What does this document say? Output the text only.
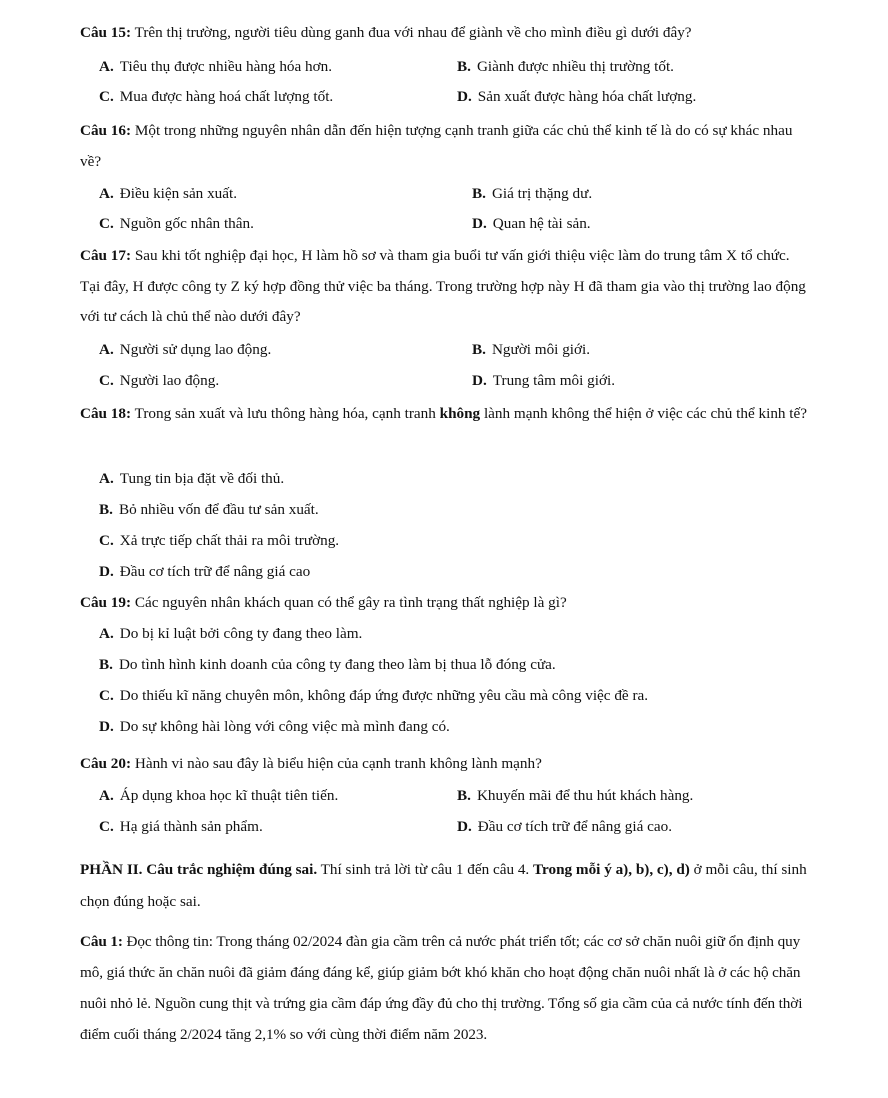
Câu 15: Trên thị trường, người tiêu dùng ganh đua với nhau để giành về cho mình điều gì dưới đây?
A. Tiêu thụ được nhiều hàng hóa hơn.	B. Giành được nhiều thị trường tốt.
C. Mua được hàng hoá chất lượng tốt.	D. Sản xuất được hàng hóa chất lượng.
Câu 16: Một trong những nguyên nhân dẫn đến hiện tượng cạnh tranh giữa các chủ thể kinh tế là do có sự khác nhau về?
A. Điều kiện sản xuất.	B. Giá trị thặng dư.
C. Nguồn gốc nhân thân.	D. Quan hệ tài sản.
Câu 17: Sau khi tốt nghiệp đại học, H làm hồ sơ và tham gia buổi tư vấn giới thiệu việc làm do trung tâm X tổ chức. Tại đây, H được công ty Z ký hợp đồng thử việc ba tháng. Trong trường hợp này H đã tham gia vào thị trường lao động với tư cách là chủ thể nào dưới đây?
A. Người sử dụng lao động.	B. Người môi giới.
C. Người lao động.	D. Trung tâm môi giới.
Câu 18: Trong sản xuất và lưu thông hàng hóa, cạnh tranh không lành mạnh không thể hiện ở việc các chủ thể kinh tế?
A. Tung tin bịa đặt về đối thủ.
B. Bỏ nhiều vốn để đầu tư sản xuất.
C. Xả trực tiếp chất thải ra môi trường.
D. Đầu cơ tích trữ để nâng giá cao
Câu 19: Các nguyên nhân khách quan có thể gây ra tình trạng thất nghiệp là gì?
A. Do bị kỉ luật bởi công ty đang theo làm.
B. Do tình hình kinh doanh của công ty đang theo làm bị thua lỗ đóng cửa.
C. Do thiếu kĩ năng chuyên môn, không đáp ứng được những yêu cầu mà công việc đề ra.
D. Do sự không hài lòng với công việc mà mình đang có.
Câu 20: Hành vi nào sau đây là biểu hiện của cạnh tranh không lành mạnh?
A. Áp dụng khoa học kĩ thuật tiên tiến.	B. Khuyến mãi để thu hút khách hàng.
C. Hạ giá thành sản phẩm.	D. Đầu cơ tích trữ để nâng giá cao.
PHẦN II. Câu trắc nghiệm đúng sai. Thí sinh trả lời từ câu 1 đến câu 4. Trong mỗi ý a), b), c), d) ở mỗi câu, thí sinh chọn đúng hoặc sai.
Câu 1: Đọc thông tin: Trong tháng 02/2024 đàn gia cầm trên cả nước phát triển tốt; các cơ sở chăn nuôi giữ ổn định quy mô, giá thức ăn chăn nuôi đã giảm đáng đáng kể, giúp giảm bớt khó khăn cho hoạt động chăn nuôi nhất là ở các hộ chăn nuôi nhỏ lẻ. Nguồn cung thịt và trứng gia cầm đáp ứng đầy đủ cho thị trường. Tổng số gia cầm của cả nước tính đến thời điểm cuối tháng 2/2024 tăng 2,1% so với cùng thời điểm năm 2023.
